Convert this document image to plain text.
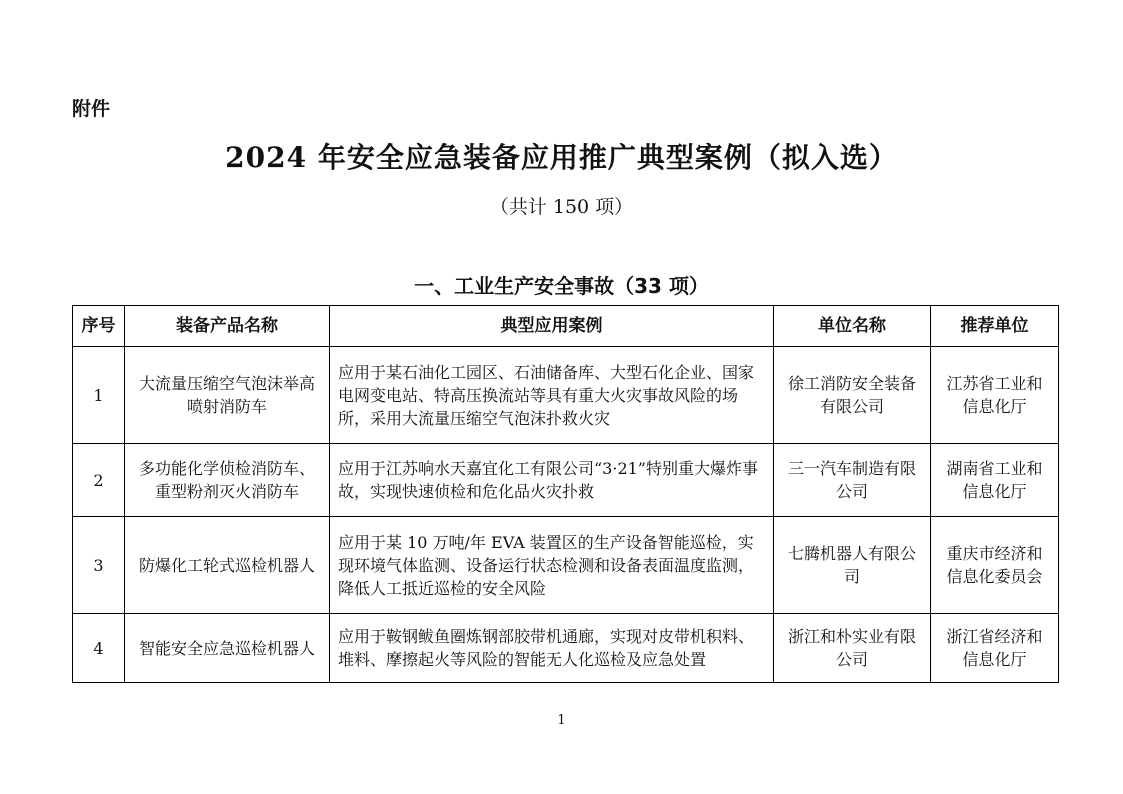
附件
2024 年安全应急装备应用推广典型案例（拟入选）
（共计 150 项）
一、工业生产安全事故（33 项）
序号	装备产品名称	典型应用案例	单位名称	推荐单位
1	大流量压缩空气泡沫举高喷射消防车	应用于某石油化工园区、石油储备库、大型石化企业、国家电网变电站、特高压换流站等具有重大火灾事故风险的场所，采用大流量压缩空气泡沫扑救火灾	徐工消防安全装备有限公司	江苏省工业和信息化厅
2	多功能化学侦检消防车、重型粉剂灭火消防车	应用于江苏响水天嘉宜化工有限公司“3·21”特别重大爆炸事故，实现快速侦检和危化品火灾扑救	三一汽车制造有限公司	湖南省工业和信息化厅
3	防爆化工轮式巡检机器人	应用于某 10 万吨/年 EVA 装置区的生产设备智能巡检，实现环境气体监测、设备运行状态检测和设备表面温度监测，降低人工抵近巡检的安全风险	七腾机器人有限公司	重庆市经济和信息化委员会
4	智能安全应急巡检机器人	应用于鞍钢鲅鱼圈炼钢部胶带机通廊，实现对皮带机积料、堆料、摩擦起火等风险的智能无人化巡检及应急处置	浙江和朴实业有限公司	浙江省经济和信息化厅
1
